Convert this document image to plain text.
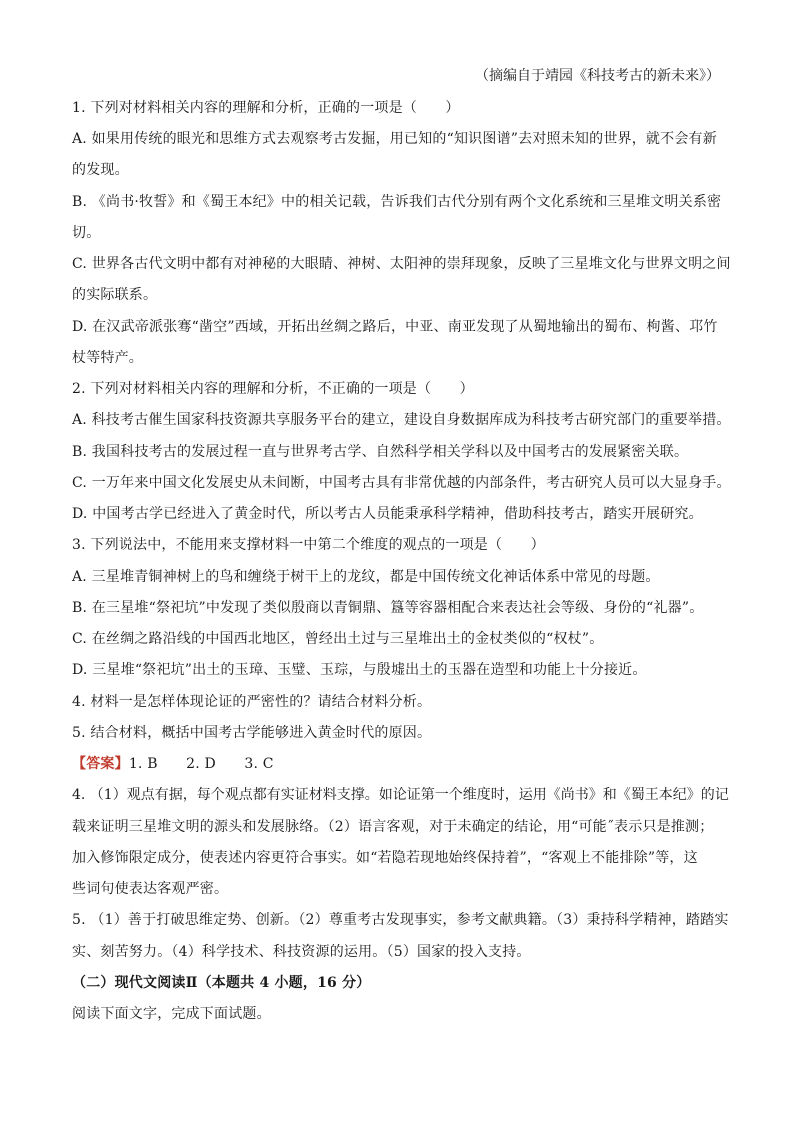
（摘编自于靖园《科技考古的新未来》）
1. 下列对材料相关内容的理解和分析，正确的一项是（　　）
A. 如果用传统的眼光和思维方式去观察考古发掘，用已知的“知识图谱”去对照未知的世界，就不会有新
的发现。
B. 《尚书·牧誓》和《蜀王本纪》中的相关记载，告诉我们古代分别有两个文化系统和三星堆文明关系密
切。
C. 世界各古代文明中都有对神秘的大眼睛、神树、太阳神的崇拜现象，反映了三星堆文化与世界文明之间
的实际联系。
D. 在汉武帝派张骞“凿空”西域，开拓出丝绸之路后，中亚、南亚发现了从蜀地输出的蜀布、枸酱、邛竹
杖等特产。
2. 下列对材料相关内容的理解和分析，不正确的一项是（　　）
A. 科技考古催生国家科技资源共享服务平台的建立，建设自身数据库成为科技考古研究部门的重要举措。
B. 我国科技考古的发展过程一直与世界考古学、自然科学相关学科以及中国考古的发展紧密关联。
C. 一万年来中国文化发展史从未间断，中国考古具有非常优越的内部条件，考古研究人员可以大显身手。
D. 中国考古学已经进入了黄金时代，所以考古人员能秉承科学精神，借助科技考古，踏实开展研究。
3. 下列说法中，不能用来支撑材料一中第二个维度的观点的一项是（　　）
A. 三星堆青铜神树上的鸟和缠绕于树干上的龙纹，都是中国传统文化神话体系中常见的母题。
B. 在三星堆“祭祀坑”中发现了类似殷商以青铜鼎、簋等容器相配合来表达社会等级、身份的“礼器”。
C. 在丝绸之路沿线的中国西北地区，曾经出土过与三星堆出土的金杖类似的“权杖”。
D. 三星堆“祭祀坑”出土的玉璋、玉璧、玉琮，与殷墟出土的玉器在造型和功能上十分接近。
4. 材料一是怎样体现论证的严密性的？请结合材料分析。
5. 结合材料，概括中国考古学能够进入黄金时代的原因。
【答案】1. B　　2. D　　3. C
4. （1）观点有据，每个观点都有实证材料支撑。如论证第一个维度时，运用《尚书》和《蜀王本纪》的记
载来证明三星堆文明的源头和发展脉络。（2）语言客观，对于未确定的结论，用“可能˝表示只是推测；
加入修饰限定成分，使表述内容更符合事实。如“若隐若现地始终保持着”，“客观上不能排除”等，这
些词句使表达客观严密。
5. （1）善于打破思维定势、创新。（2）尊重考古发现事实，参考文献典籍。（3）秉持科学精神，踏踏实
实、刻苦努力。（4）科学技术、科技资源的运用。（5）国家的投入支持。
（二）现代文阅读Ⅱ（本题共 4 小题，16 分）
阅读下面文字，完成下面试题。
